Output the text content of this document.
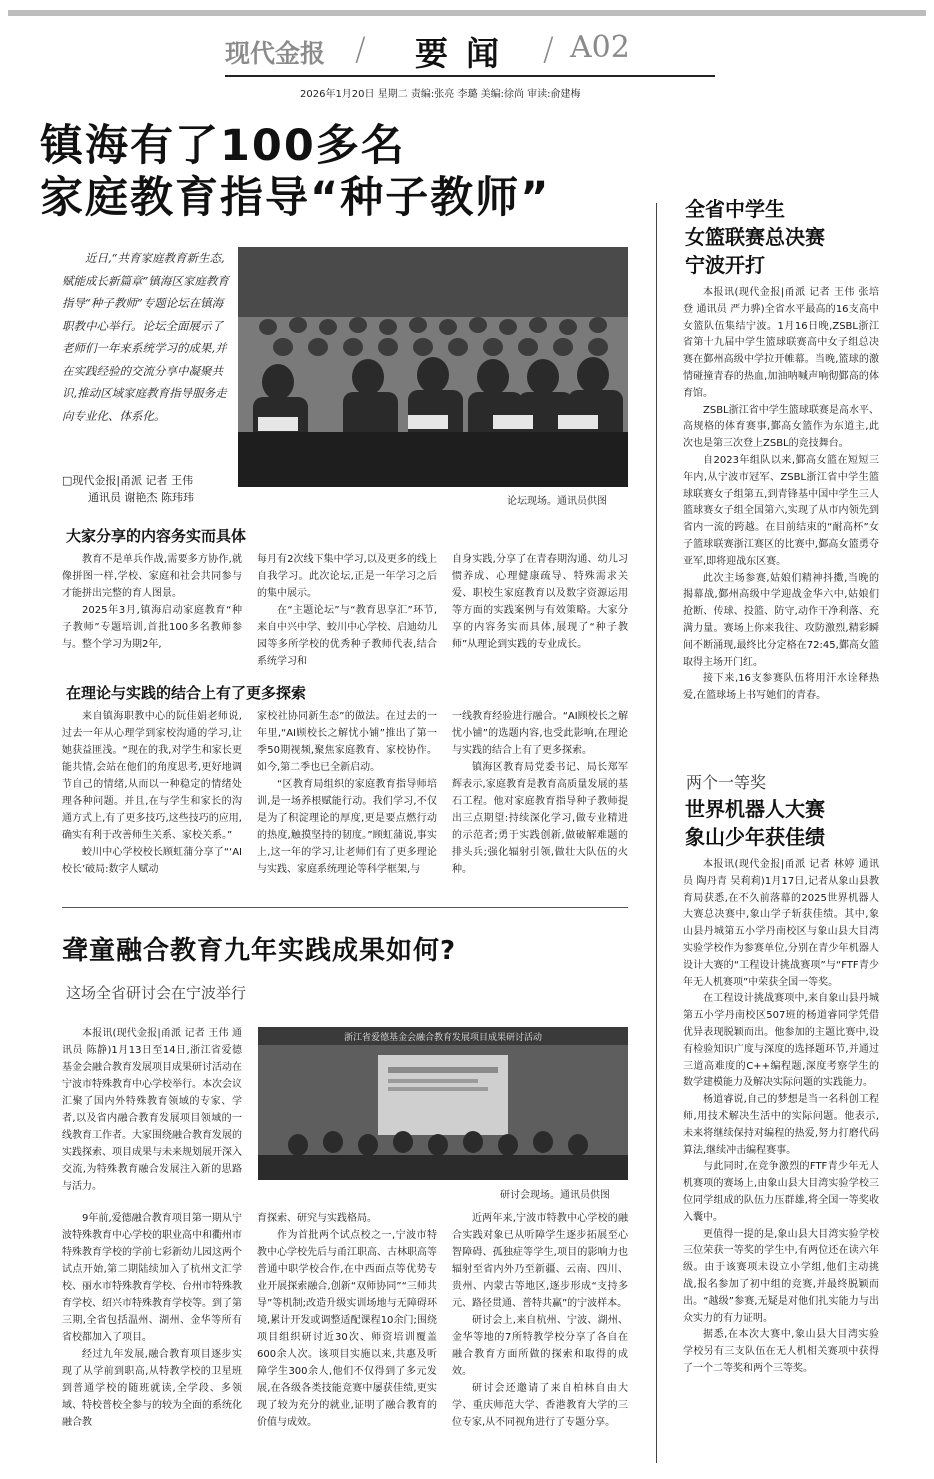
现代金报 / 要闻 / A02
2026年1月20日 星期二 责编:张亮 李璐 美编:徐尚 审读:俞建梅
镇海有了100多名
家庭教育指导“种子教师”

近日,“共育家庭教育新生态,赋能成长新篇章”镇海区家庭教育指导“种子教师”专题论坛在镇海职教中心举行。论坛全面展示了老师们一年来系统学习的成果,并在实践经验的交流分享中凝聚共识,推动区域家庭教育指导服务走向专业化、体系化。

□现代金报|甬派 记者 王伟
通讯员 谢艳杰 陈玮玮	论坛现场。通讯员供图
大家分享的内容务实而具体

教育不是单兵作战,需要多方协作,就像拼图一样,学校、家庭和社会共同参与才能拼出完整的育人图景。

2025年3月,镇海启动家庭教育“种子教师”专题培训,首批100多名教师参与。整个学习为期2年,

每月有2次线下集中学习,以及更多的线上自我学习。此次论坛,正是一年学习之后的集中展示。

在“主题论坛”与“教育思享汇”环节,来自中兴中学、蛟川中心学校、启迪幼儿园等多所学校的优秀种子教师代表,结合系统学习和

自身实践,分享了在青春期沟通、幼儿习惯养成、心理健康疏导、特殊需求关爱、职校生家庭教育以及数字资源运用等方面的实践案例与有效策略。大家分享的内容务实而具体,展现了“种子教师”从理论到实践的专业成长。

在理论与实践的结合上有了更多探索

来自镇海职教中心的阮佳娟老师说,过去一年从心理学到家校沟通的学习,让她获益匪浅。“现在的我,对学生和家长更能共情,会站在他们的角度思考,更好地调节自己的情绪,从而以一种稳定的情绪处理各种问题。并且,在与学生和家长的沟通方式上,有了更多技巧,这些技巧的应用,确实有利于改善师生关系、家校关系。”

蛟川中心学校校长顾虹蒲分享了“‘AI校长’破局:数字人赋动

家校社协同新生态”的做法。在过去的一年里,“AI顾校长之解忧小铺”推出了第一季50期视频,聚焦家庭教育、家校协作。如今,第二季也已全新启动。

“区教育局组织的家庭教育指导师培训,是一场养根赋能行动。我们学习,不仅是为了积淀理论的厚度,更是要点燃行动的热度,触摸坚持的韧度。”顾虹蒲说,事实上,这一年的学习,让老师们有了更多理论与实践、家庭系统理论等科学框架,与

一线教育经验进行融合。“AI顾校长之解忧小铺”的选题内容,也受此影响,在理论与实践的结合上有了更多探索。

镇海区教育局党委书记、局长郑军辉表示,家庭教育是教育高质量发展的基石工程。他对家庭教育指导种子教师提出三点期望:持续深化学习,做专业精进的示范者;勇于实践创新,做破解难题的排头兵;强化辐射引领,做壮大队伍的火种。

聋童融合教育九年实践成果如何?
这场全省研讨会在宁波举行

本报讯(现代金报|甬派 记者 王伟 通讯员 陈静)1月13日至14日,浙江省爱德基金会融合教育发展项目成果研讨活动在宁波市特殊教育中心学校举行。本次会议汇聚了国内外特殊教育领域的专家、学者,以及省内融合教育发展项目领域的一线教育工作者。大家围绕融合教育发展的实践探索、项目成果与未来规划展开深入交流,为特殊教育融合发展注入新的思路与活力。

浙江省爱德基金会融合教育发展项目成果研讨活动
研讨会现场。通讯员供图

9年前,爱德融合教育项目第一期从宁波特殊教育中心学校的职业高中和衢州市特殊教育学校的学前七彩新幼儿园这两个试点开始,第二期陆续加入了杭州文汇学校、丽水市特殊教育学校、台州市特殊教育学校、绍兴市特殊教育学校等。到了第三期,全省包括温州、湖州、金华等所有省校都加入了项目。

经过九年发展,融合教育项目逐步实现了从学前到职高,从特教学校的卫星班到普通学校的随班就读,全学段、多领域、特校普校全参与的较为全面的系统化融合教

育探索、研究与实践格局。

作为首批两个试点校之一,宁波市特教中心学校先后与甬江职高、古林职高等普通中职学校合作,在中西面点等优势专业开展探索融合,创新“双师协同”“三师共导”等机制;改造升级实训场地与无障碍环境,累计开发或调整适配课程10余门;围绕项目组织研讨近30次、师资培训覆盖600余人次。该项目实施以来,共惠及听障学生300余人,他们不仅得到了多元发展,在各级各类技能竞赛中屡获佳绩,更实现了较为充分的就业,证明了融合教育的价值与成效。

近两年来,宁波市特教中心学校的融合实践对象已从听障学生逐步拓展至心智障碍、孤独症等学生,项目的影响力也辐射至省内外乃至新疆、云南、四川、贵州、内蒙古等地区,逐步形成“支持多元、路径贯通、普特共赢”的宁波样本。

研讨会上,来自杭州、宁波、湖州、金华等地的7所特教学校分享了各自在融合教育方面所做的探索和取得的成效。

研讨会还邀请了来自柏林自由大学、重庆师范大学、香港教育大学的三位专家,从不同视角进行了专题分享。

全省中学生
女篮联赛总决赛
宁波开打

本报讯(现代金报|甬派 记者 王伟 张培登 通讯员 严力骅)全省水平最高的16支高中女篮队伍集结宁波。1月16日晚,ZSBL浙江省第十九届中学生篮球联赛高中女子组总决赛在鄞州高级中学拉开帷幕。当晚,篮球的激情碰撞青春的热血,加油呐喊声响彻鄞高的体育馆。

ZSBL浙江省中学生篮球联赛是高水平、高规格的体育赛事,鄞高女篮作为东道主,此次也是第三次登上ZSBL的竞技舞台。

自2023年组队以来,鄞高女篮在短短三年内,从宁波市冠军、ZSBL浙江省中学生篮球联赛女子组第五,到青锋基中国中学生三人篮球赛女子组全国第六,实现了从市内领先到省内一流的跨越。在目前结束的“耐高杯”女子篮球联赛浙江赛区的比赛中,鄞高女篮勇夺亚军,即将迎战东区赛。

此次主场参赛,姑娘们精神抖擞,当晚的揭幕战,鄞州高级中学迎战金华六中,姑娘们抢断、传球、投篮、防守,动作干净利落、充满力量。赛场上你来我往、攻防激烈,精彩瞬间不断涌现,最终比分定格在72:45,鄞高女篮取得主场开门红。

接下来,16支参赛队伍将用汗水诠释热爱,在篮球场上书写她们的青春。

两个一等奖
世界机器人大赛
象山少年获佳绩

本报讯(现代金报|甬派 记者 林婷 通讯员 陶丹青 吴莉莉)1月17日,记者从象山县教育局获悉,在不久前落幕的2025世界机器人大赛总决赛中,象山学子斩获佳绩。其中,象山县丹城第五小学丹南校区与象山县大目湾实验学校作为参赛单位,分别在青少年机器人设计大赛的“工程设计挑战赛项”与“FTF青少年无人机赛项”中荣获全国一等奖。

在工程设计挑战赛项中,来自象山县丹城第五小学丹南校区507班的杨道睿同学凭借优异表现脱颖而出。他参加的主题比赛中,设有检验知识广度与深度的选择题环节,并通过三道高难度的C++编程题,深度考察学生的数学建模能力及解决实际问题的实践能力。

杨道睿说,自己的梦想是当一名科创工程师,用技术解决生活中的实际问题。他表示,未来将继续保持对编程的热爱,努力打磨代码算法,继续冲击编程赛事。

与此同时,在竞争激烈的FTF青少年无人机赛项的赛场上,由象山县大目湾实验学校三位同学组成的队伍力压群雄,将全国一等奖收入囊中。

更值得一提的是,象山县大目湾实验学校三位荣获一等奖的学生中,有两位还在读六年级。由于该赛项未设立小学组,他们主动挑战,报名参加了初中组的竞赛,并最终脱颖而出。“越级”参赛,无疑是对他们扎实能力与出众实力的有力证明。

据悉,在本次大赛中,象山县大目湾实验学校另有三支队伍在无人机相关赛项中获得了一个二等奖和两个三等奖。
